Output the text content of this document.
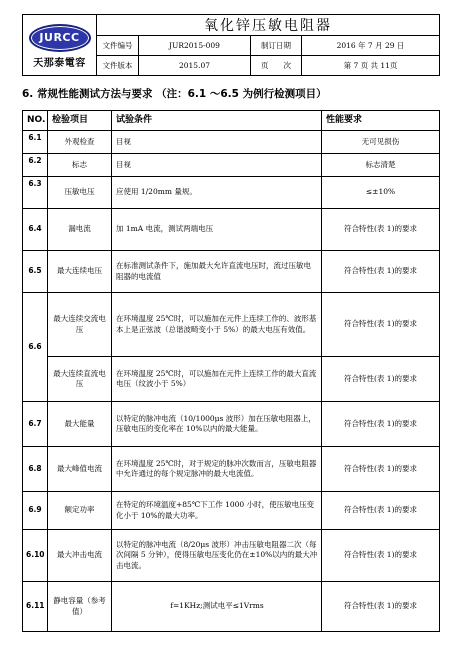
JURCC
天那泰電容	氧化锌压敏电阻器			
	文件编号	JUR2015-009	制订日期	2016 年 7 月 29 日
	文件版本	2015.07	页　　次	第 7 页 共 11页
6. 常规性能测试方法与要求 （注：6.1 ～6.5 为例行检测项目）
NO.	检验项目	试验条件	性能要求
6.1	外观检查	目视	无可见损伤
6.2	标志	目视	标志清楚
6.3	压敏电压	应使用 1/20mm 量规。	≤±10%
6.4	漏电流	加 1mA 电流，测试两端电压	符合特性(表 1)的要求
6.5	最大连续电压	在标准测试条件下，施加最大允许直流电压时，流过压敏电阻器的电流值	符合特性(表 1)的要求
6.6	最大连续交流电压	在环境温度 25℃时，可以施加在元件上连续工作的、波形基本上是正弦波（总谐波畸变小于 5%）的最大电压有效值。	符合特性(表 1)的要求
	最大连续直流电压	在环境温度 25℃时，可以施加在元件上连续工作的最大直流电压（纹波小于 5%）	符合特性(表 1)的要求
6.7	最大能量	以特定的脉冲电流（10/1000μs 波形）加在压敏电阻器上，压敏电压的变化率在 10%以内的最大能量。	符合特性(表 1)的要求
6.8	最大峰值电流	在环境温度 25℃时，对于规定的脉冲次数而言，压敏电阻器中允许通过的每个规定脉冲的最大电流值。	符合特性(表 1)的要求
6.9	额定功率	在特定的环境温度+85℃下工作 1000 小时，使压敏电压变化小于 10%的最大功率。	符合特性(表 1)的要求
6.10	最大冲击电流	以特定的脉冲电流（8/20μs 波形）冲击压敏电阻器二次（每次间隔 5 分钟），使得压敏电压变化仍在±10%以内的最大冲击电流。	符合特性(表 1)的要求
6.11	静电容量（参考值）	f=1KHz;测试电平≤1Vrms	符合特性(表 1)的要求
